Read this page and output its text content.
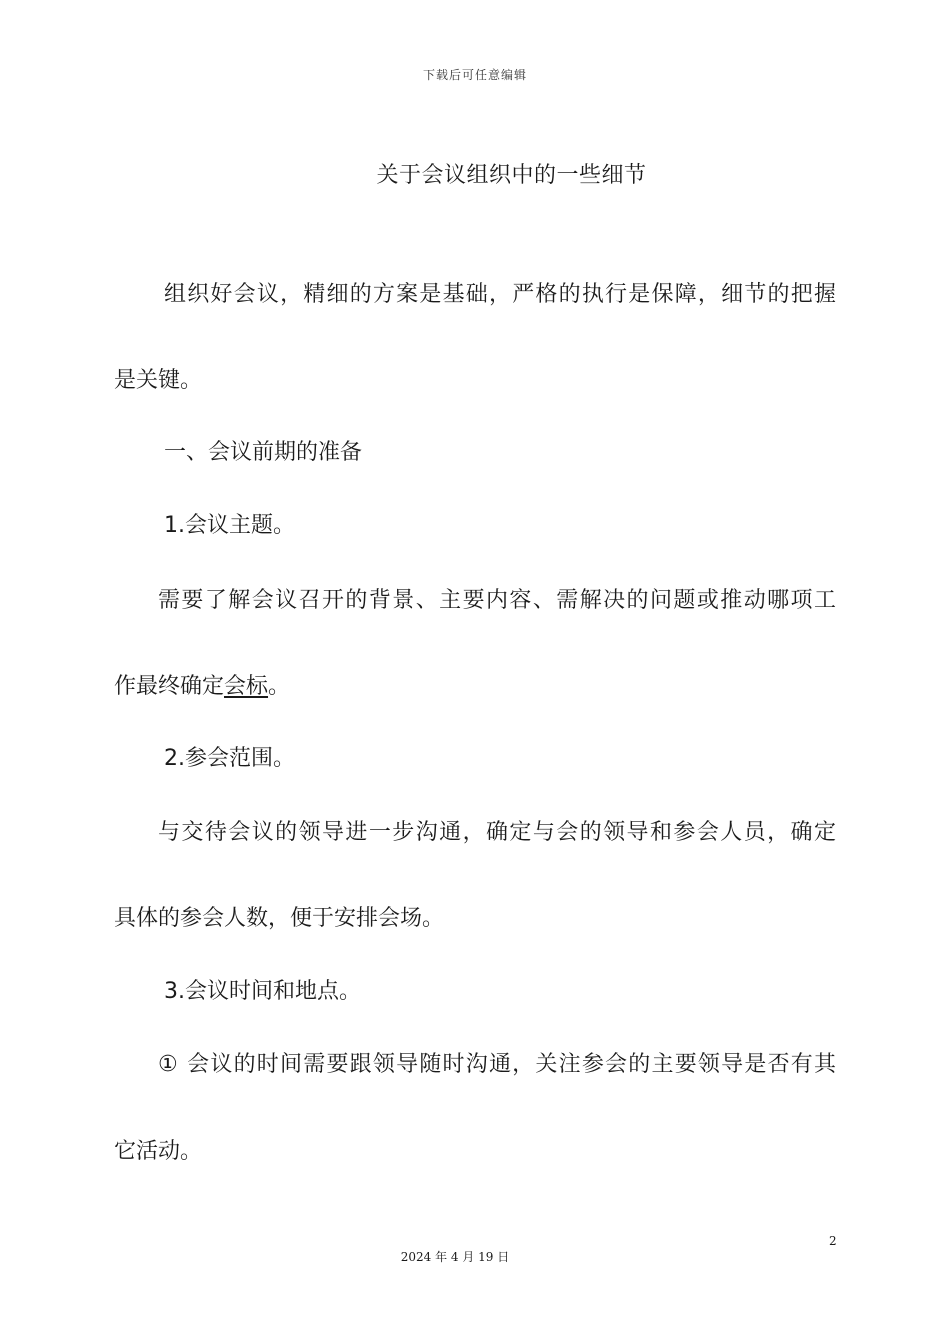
下载后可任意编辑
关于会议组织中的一些细节

组织好会议，精细的方案是基础，严格的执行是保障，细节的把握

是关键。

一、会议前期的准备

1.会议主题。

需要了解会议召开的背景、主要内容、需解决的问题或推动哪项工

作最终确定会标。

2.参会范围。

与交待会议的领导进一步沟通，确定与会的领导和参会人员，确定

具体的参会人数，便于安排会场。

3.会议时间和地点。

① 会议的时间需要跟领导随时沟通，关注参会的主要领导是否有其

它活动。

2
2024 年 4 月 19 日
